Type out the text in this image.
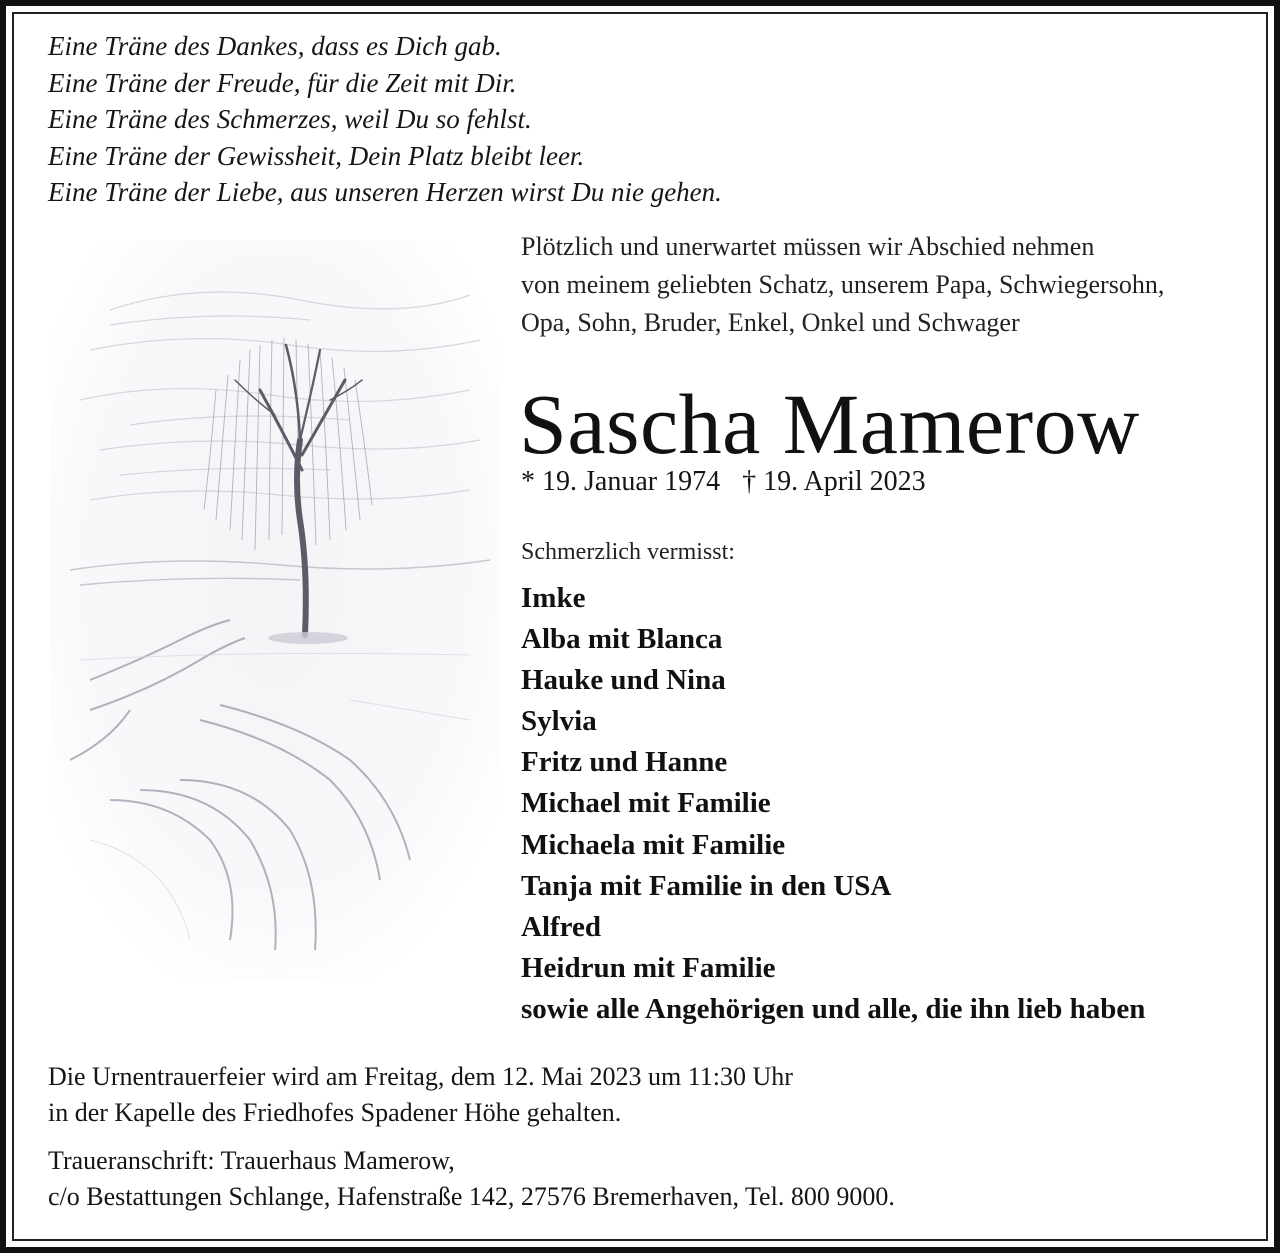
Eine Träne des Dankes, dass es Dich gab.
Eine Träne der Freude, für die Zeit mit Dir.
Eine Träne des Schmerzes, weil Du so fehlst.
Eine Träne der Gewissheit, Dein Platz bleibt leer.
Eine Träne der Liebe, aus unseren Herzen wirst Du nie gehen.
Plötzlich und unerwartet müssen wir Abschied nehmen
von meinem geliebten Schatz, unserem Papa, Schwiegersohn,
Opa, Sohn, Bruder, Enkel, Onkel und Schwager
Sascha Mamerow
* 19. Januar 1974 † 19. April 2023
Schmerzlich vermisst:
Imke
Alba mit Blanca
Hauke und Nina
Sylvia
Fritz und Hanne
Michael mit Familie
Michaela mit Familie
Tanja mit Familie in den USA
Alfred
Heidrun mit Familie
sowie alle Angehörigen und alle, die ihn lieb haben
Die Urnentrauerfeier wird am Freitag, dem 12. Mai 2023 um 11:30 Uhr
in der Kapelle des Friedhofes Spadener Höhe gehalten.
Traueranschrift: Trauerhaus Mamerow,
c/o Bestattungen Schlange, Hafenstraße 142, 27576 Bremerhaven, Tel. 800 9000.
